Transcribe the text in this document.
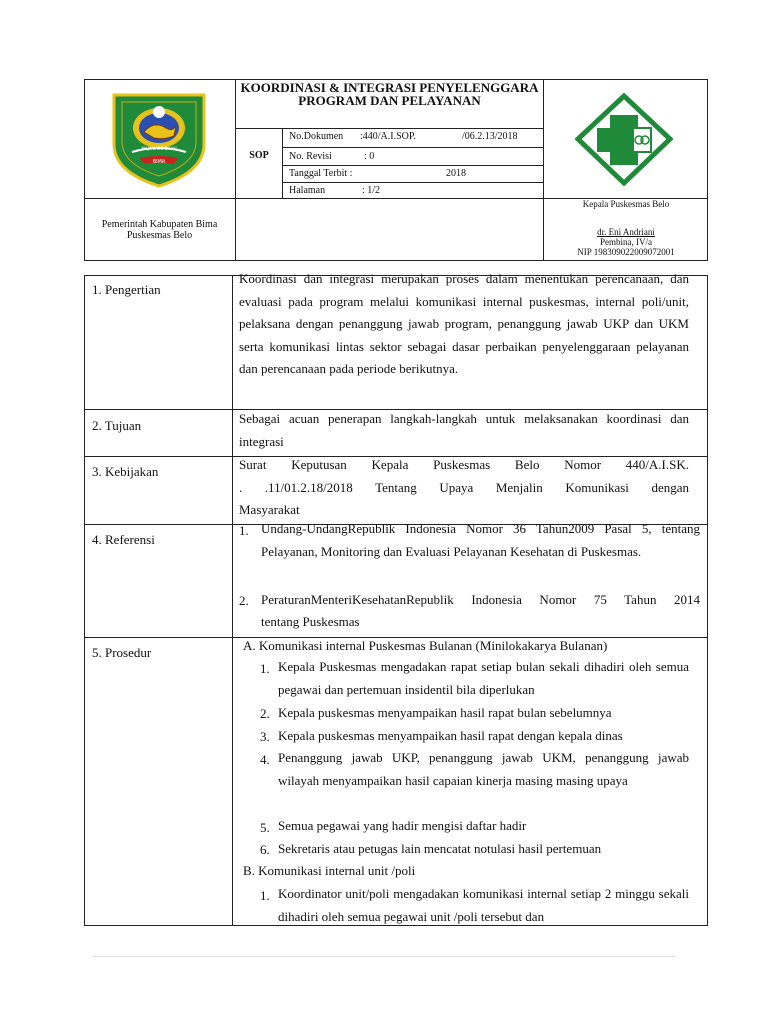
BIMA
MAJA LABO DAHU
KOORDINASI & INTEGRASI PENYELENGGARA PROGRAM DAN PELAYANAN
SOP
No.Dokumen :440/A.I.SOP.	/06.2.13/2018
No. Revisi	: 0
Tanggal Terbit :	2018
Halaman	: 1/2
Pemerintah Kabupaten Bima
Puskesmas Belo
Kepala Puskesmas Belo
dr. Eni Andriani
Pembina, IV/a
NIP 198309022009072001
1. Pengertian
Koordinasi dan integrasi merupakan proses dalam menentukan perencanaan, dan evaluasi pada program melalui komunikasi internal puskesmas, internal poli/unit, pelaksana dengan penanggung jawab program, penanggung jawab UKP dan UKM serta komunikasi lintas sektor sebagai dasar perbaikan penyelenggaraan pelayanan dan perencanaan pada periode berikutnya.
2. Tujuan	Sebagai acuan penerapan langkah-langkah untuk melaksanakan koordinasi dan integrasi
3. Kebijakan	Surat Keputusan Kepala Puskesmas Belo Nomor 440/A.I.SK.
. .11/01.2.18/2018 Tentang Upaya Menjalin Komunikasi dengan
Masyarakat
4. Referensi
1. Undang-UndangRepublik Indonesia Nomor 36 Tahun2009 Pasal 5, tentang Pelayanan, Monitoring dan Evaluasi Pelayanan Kesehatan di Puskesmas.
2. PeraturanMenteriKesehatanRepublik Indonesia Nomor 75 Tahun 2014
tentang Puskesmas
5. Prosedur	A. Komunikasi internal Puskesmas Bulanan (Minilokakarya Bulanan)
1. Kepala Puskesmas mengadakan rapat setiap bulan sekali dihadiri oleh semua pegawai dan pertemuan insidentil bila diperlukan
2. Kepala puskesmas menyampaikan hasil rapat bulan sebelumnya
3. Kepala puskesmas menyampaikan hasil rapat dengan kepala dinas
4. Penanggung jawab UKP, penanggung jawab UKM, penanggung jawab wilayah menyampaikan hasil capaian kinerja masing masing upaya
5. Semua pegawai yang hadir mengisi daftar hadir
6. Sekretaris atau petugas lain mencatat notulasi hasil pertemuan
B. Komunikasi internal unit /poli
1. Koordinator unit/poli mengadakan komunikasi internal setiap 2 minggu sekali dihadiri oleh semua pegawai unit /poli tersebut dan
